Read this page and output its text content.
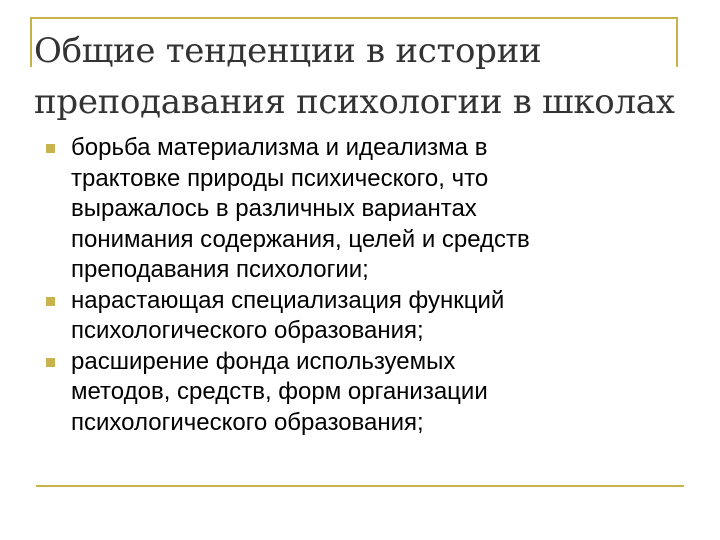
Общие тенденции в истории
преподавания психологии в школах
борьба материализма и идеализма в
трактовке природы психического, что
выражалось в различных вариантах
понимания содержания, целей и средств
преподавания психологии;
нарастающая специализация функций
психологического образования;
расширение фонда используемых
методов, средств, форм организации
психологического образования;
